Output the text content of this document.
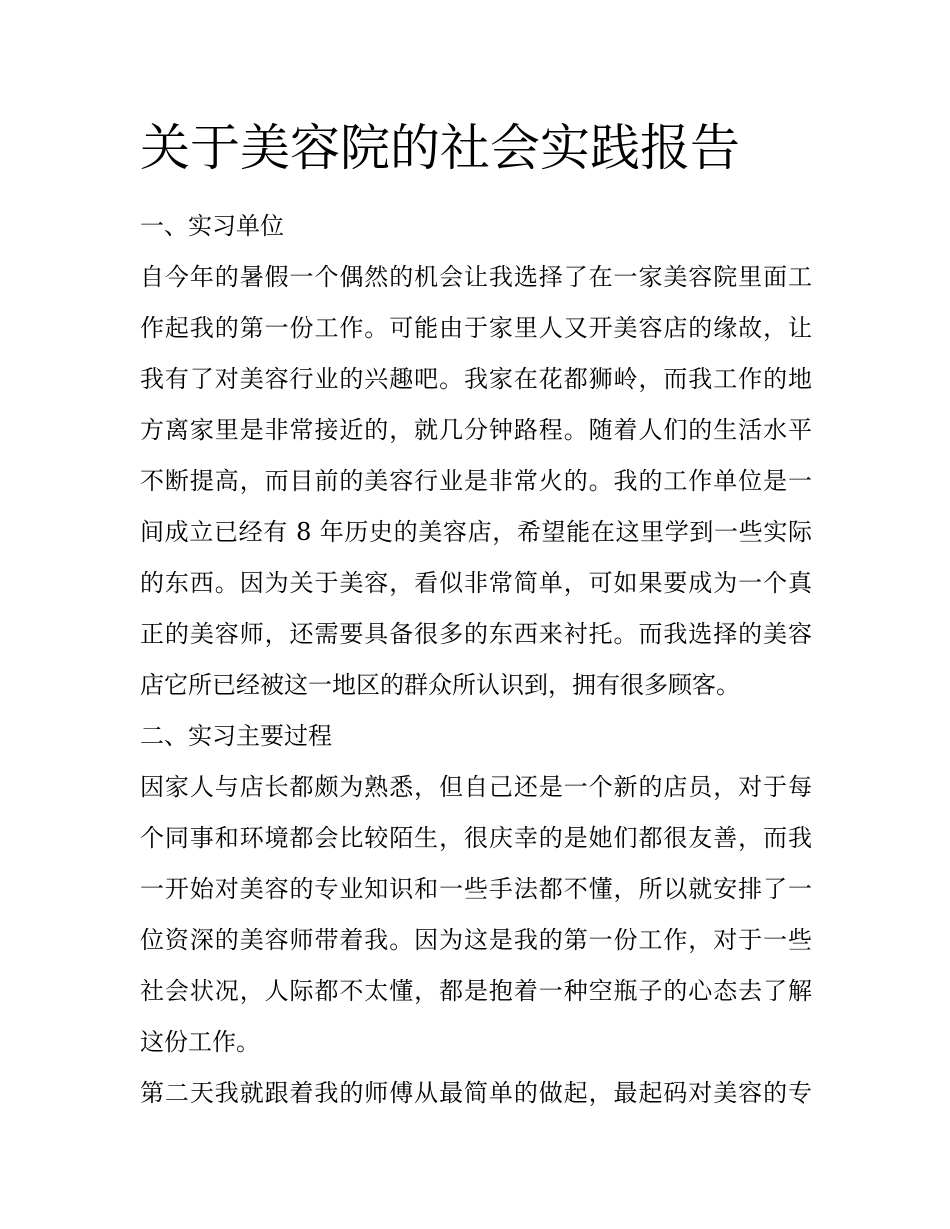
关于美容院的社会实践报告

一、实习单位

自今年的暑假一个偶然的机会让我选择了在一家美容院里面工
作起我的第一份工作。可能由于家里人又开美容店的缘故，让
我有了对美容行业的兴趣吧。我家在花都狮岭，而我工作的地
方离家里是非常接近的，就几分钟路程。随着人们的生活水平
不断提高，而目前的美容行业是非常火的。我的工作单位是一
间成立已经有 8 年历史的美容店，希望能在这里学到一些实际
的东西。因为关于美容，看似非常简单，可如果要成为一个真
正的美容师，还需要具备很多的东西来衬托。而我选择的美容
店它所已经被这一地区的群众所认识到，拥有很多顾客。

二、实习主要过程

因家人与店长都颇为熟悉，但自己还是一个新的店员，对于每
个同事和环境都会比较陌生，很庆幸的是她们都很友善，而我
一开始对美容的专业知识和一些手法都不懂，所以就安排了一
位资深的美容师带着我。因为这是我的第一份工作，对于一些
社会状况，人际都不太懂，都是抱着一种空瓶子的心态去了解
这份工作。
第二天我就跟着我的师傅从最简单的做起，最起码对美容的专
